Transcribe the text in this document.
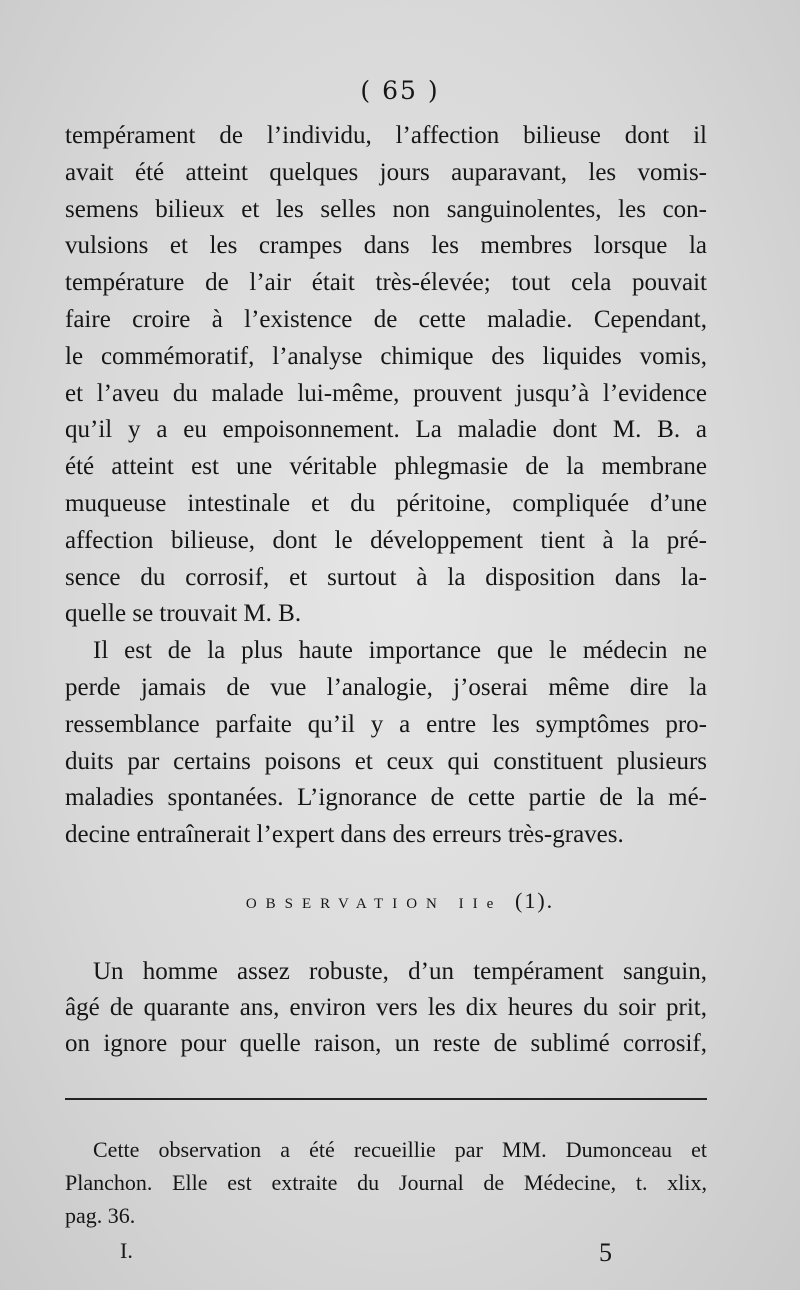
( 65 )
tempérament de l’individu, l’affection bilieuse dont il
avait été atteint quelques jours auparavant, les vomis-
semens bilieux et les selles non sanguinolentes, les con-
vulsions et les crampes dans les membres lorsque la
température de l’air était très-élevée; tout cela pouvait
faire croire à l’existence de cette maladie. Cependant,
le commémoratif, l’analyse chimique des liquides vomis,
et l’aveu du malade lui-même, prouvent jusqu’à l’evidence
qu’il y a eu empoisonnement. La maladie dont M. B. a
été atteint est une véritable phlegmasie de la membrane
muqueuse intestinale et du péritoine, compliquée d’une
affection bilieuse, dont le développement tient à la pré-
sence du corrosif, et surtout à la disposition dans la-
quelle se trouvait M. B.
Il est de la plus haute importance que le médecin ne
perde jamais de vue l’analogie, j’oserai même dire la
ressemblance parfaite qu’il y a entre les symptômes pro-
duits par certains poisons et ceux qui constituent plusieurs
maladies spontanées. L’ignorance de cette partie de la mé-
decine entraînerait l’expert dans des erreurs très-graves.
OBSERVATION IIe (1).
Un homme assez robuste, d’un tempérament sanguin,
âgé de quarante ans, environ vers les dix heures du soir prit,
on ignore pour quelle raison, un reste de sublimé corrosif,
Cette observation a été recueillie par MM. Dumonceau et
Planchon. Elle est extraite du Journal de Médecine, t. xlix,
pag. 36.
I.	5
